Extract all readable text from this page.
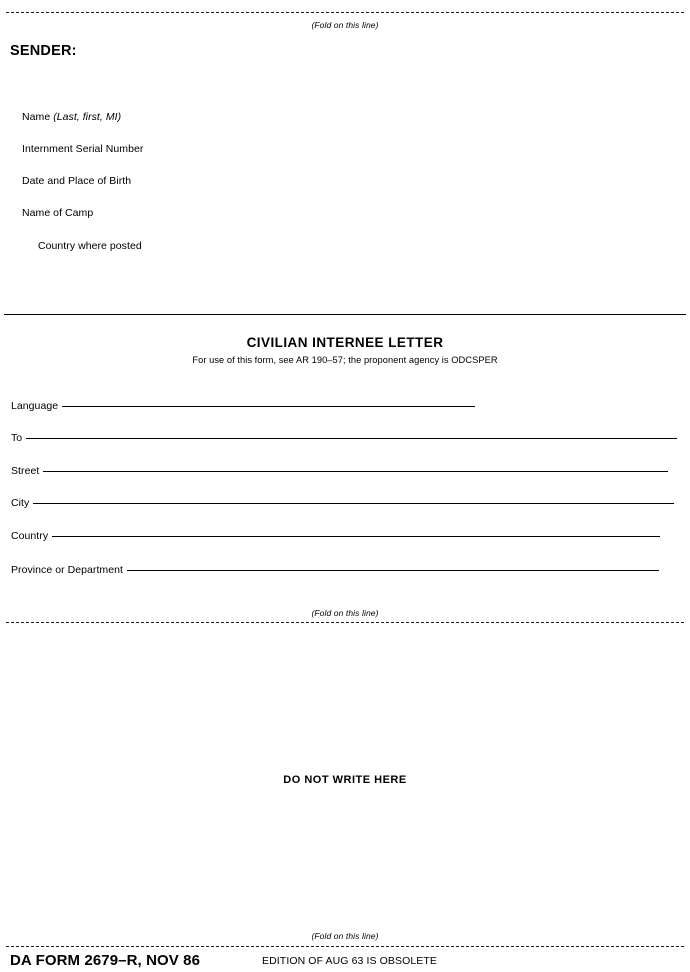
(Fold on this line)
SENDER:
Name (Last, first, MI)
Internment Serial Number
Date and Place of Birth
Name of Camp
Country where posted
CIVILIAN INTERNEE LETTER
For use of this form, see AR 190–57; the proponent agency is ODCSPER
Language
To
Street
City
Country
Province or Department
(Fold on this line)
DO NOT WRITE HERE
(Fold on this line)
DA FORM 2679–R, NOV 86	EDITION OF AUG 63 IS OBSOLETE
